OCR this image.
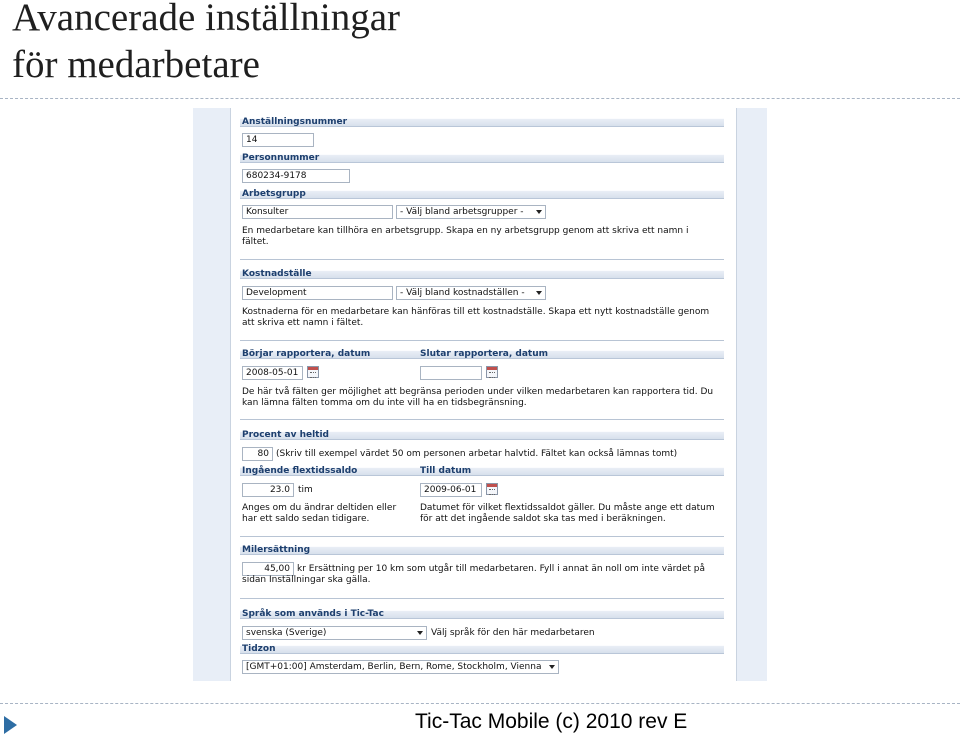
Avancerade inställningar
för medarbetare
Anställningsnummer
14
Personnummer
680234-9178
Arbetsgrupp
Konsulter	- Välj bland arbetsgrupper -
En medarbetare kan tillhöra en arbetsgrupp. Skapa en ny arbetsgrupp genom att skriva ett namn i fältet.
Kostnadställe
Development	- Välj bland kostnadställen -
Kostnaderna för en medarbetare kan hänföras till ett kostnadställe. Skapa ett nytt kostnadställe genom att skriva ett namn i fältet.
Börjar rapportera, datum	Slutar rapportera, datum
2008-05-01
De här två fälten ger möjlighet att begränsa perioden under vilken medarbetaren kan rapportera tid. Du kan lämna fälten tomma om du inte vill ha en tidsbegränsning.
Procent av heltid
80 (Skriv till exempel värdet 50 om personen arbetar halvtid. Fältet kan också lämnas tomt)
Ingående flextidssaldo	Till datum
23.0 tim	2009-06-01
Anges om du ändrar deltiden eller har ett saldo sedan tidigare.
Datumet för vilket flextidssaldot gäller. Du måste ange ett datum för att det ingående saldot ska tas med i beräkningen.
Milersättning
45,00 kr Ersättning per 10 km som utgår till medarbetaren. Fyll i annat än noll om inte värdet på sidan Inställningar ska gälla.
Språk som används i Tic-Tac
svenska (Sverige)	Välj språk för den här medarbetaren
Tidzon
[GMT+01:00] Amsterdam, Berlin, Bern, Rome, Stockholm, Vienna
Tic-Tac Mobile (c) 2010 rev E
